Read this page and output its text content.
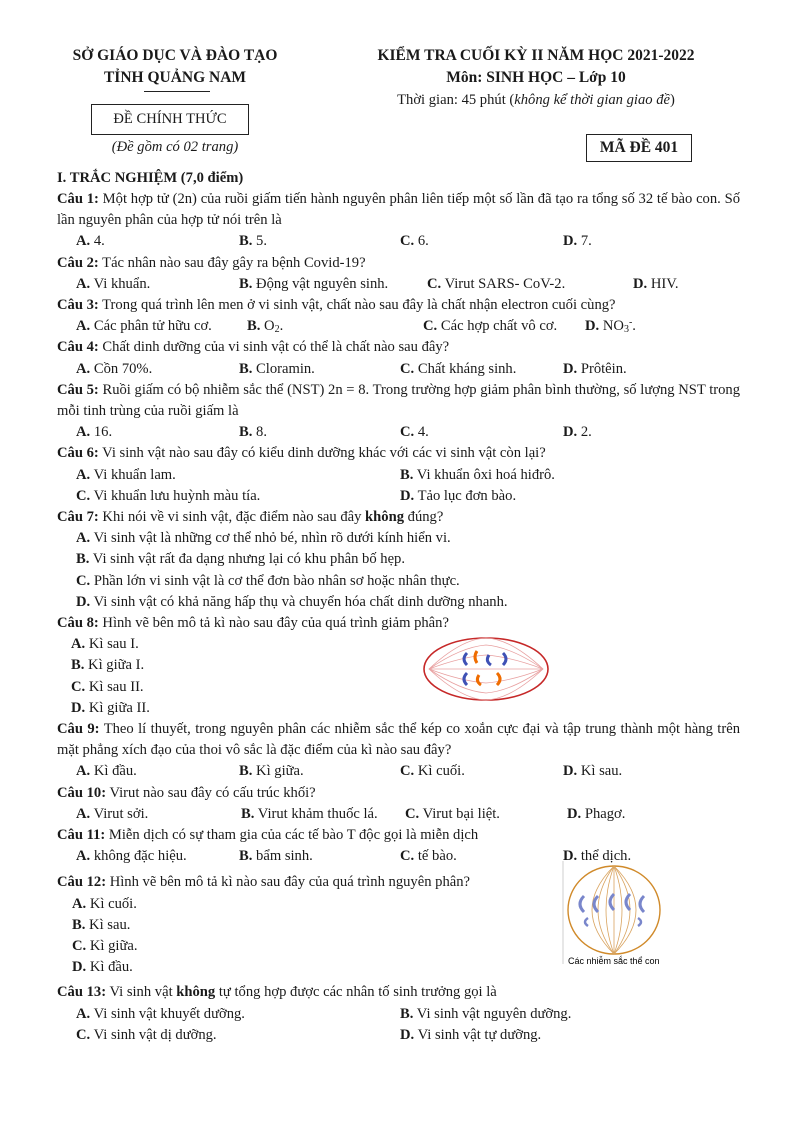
SỞ GIÁO DỤC VÀ ĐÀO TẠO
TỈNH QUẢNG NAM
ĐỀ CHÍNH THỨC
(Đề gồm có 02 trang)
KIỂM TRA CUỐI KỲ II NĂM HỌC 2021-2022
Môn: SINH HỌC – Lớp 10
Thời gian: 45 phút (không kể thời gian giao đề)
MÃ ĐỀ 401
I. TRẮC NGHIỆM (7,0 điểm)
Câu 1: Một hợp tử (2n) của ruồi giấm tiến hành nguyên phân liên tiếp một số lần đã tạo ra tổng số 32 tế bào con. Số lần nguyên phân của hợp tử nói trên là
A. 4.	B. 5.	C. 6.	D. 7.
Câu 2: Tác nhân nào sau đây gây ra bệnh Covid-19?
A. Vi khuẩn.	B. Động vật nguyên sinh.	C. Virut SARS- CoV-2.	D. HIV.
Câu 3: Trong quá trình lên men ở vi sinh vật, chất nào sau đây là chất nhận electron cuối cùng?
A. Các phân tử hữu cơ. B. $O_2$.	C. Các hợp chất vô cơ. D. $NO_3^-$.
Câu 4: Chất dinh dưỡng của vi sinh vật có thể là chất nào sau đây?
A. Cồn 70%.	B. Cloramin.	C. Chất kháng sinh.	D. Prôtêin.
Câu 5: Ruồi giấm có bộ nhiễm sắc thể (NST) 2n = 8. Trong trường hợp giảm phân bình thường, số lượng NST trong mỗi tinh trùng của ruồi giấm là
A. 16.	B. 8.	C. 4.	D. 2.
Câu 6: Vi sinh vật nào sau đây có kiểu dinh dưỡng khác với các vi sinh vật còn lại?
A. Vi khuẩn lam.	B. Vi khuẩn ôxi hoá hiđrô.
C. Vi khuẩn lưu huỳnh màu tía.	D. Tảo lục đơn bào.
Câu 7: Khi nói về vi sinh vật, đặc điểm nào sau đây không đúng?
A. Vi sinh vật là những cơ thể nhỏ bé, nhìn rõ dưới kính hiển vi.
B. Vi sinh vật rất đa dạng nhưng lại có khu phân bố hẹp.
C. Phần lớn vi sinh vật là cơ thể đơn bào nhân sơ hoặc nhân thực.
D. Vi sinh vật có khả năng hấp thụ và chuyển hóa chất dinh dưỡng nhanh.
Câu 8: Hình vẽ bên mô tả kì nào sau đây của quá trình giảm phân?
A. Kì sau I.
B. Kì giữa I.
C. Kì sau II.
D. Kì giữa II.
Câu 9: Theo lí thuyết, trong nguyên phân các nhiễm sắc thể kép co xoắn cực đại và tập trung thành một hàng trên mặt phẳng xích đạo của thoi vô sắc là đặc điểm của kì nào sau đây?
A. Kì đầu.	B. Kì giữa.	C. Kì cuối.	D. Kì sau.
Câu 10: Virut nào sau đây có cấu trúc khối?
A. Virut sởi.	B. Virut khảm thuốc lá. C. Virut bại liệt.	D. Phagơ.
Câu 11: Miễn dịch có sự tham gia của các tế bào T độc gọi là miễn dịch
A. không đặc hiệu.	B. bẩm sinh.	C. tế bào.	D. thể dịch.
Câu 12: Hình vẽ bên mô tả kì nào sau đây của quá trình nguyên phân?
A. Kì cuối.
B. Kì sau.
C. Kì giữa.
D. Kì đầu.	Các nhiễm sắc thể con
Câu 13: Vi sinh vật không tự tổng hợp được các nhân tố sinh trưởng gọi là
A. Vi sinh vật khuyết dưỡng.	B. Vi sinh vật nguyên dưỡng.
C. Vi sinh vật dị dưỡng.	D. Vi sinh vật tự dưỡng.
